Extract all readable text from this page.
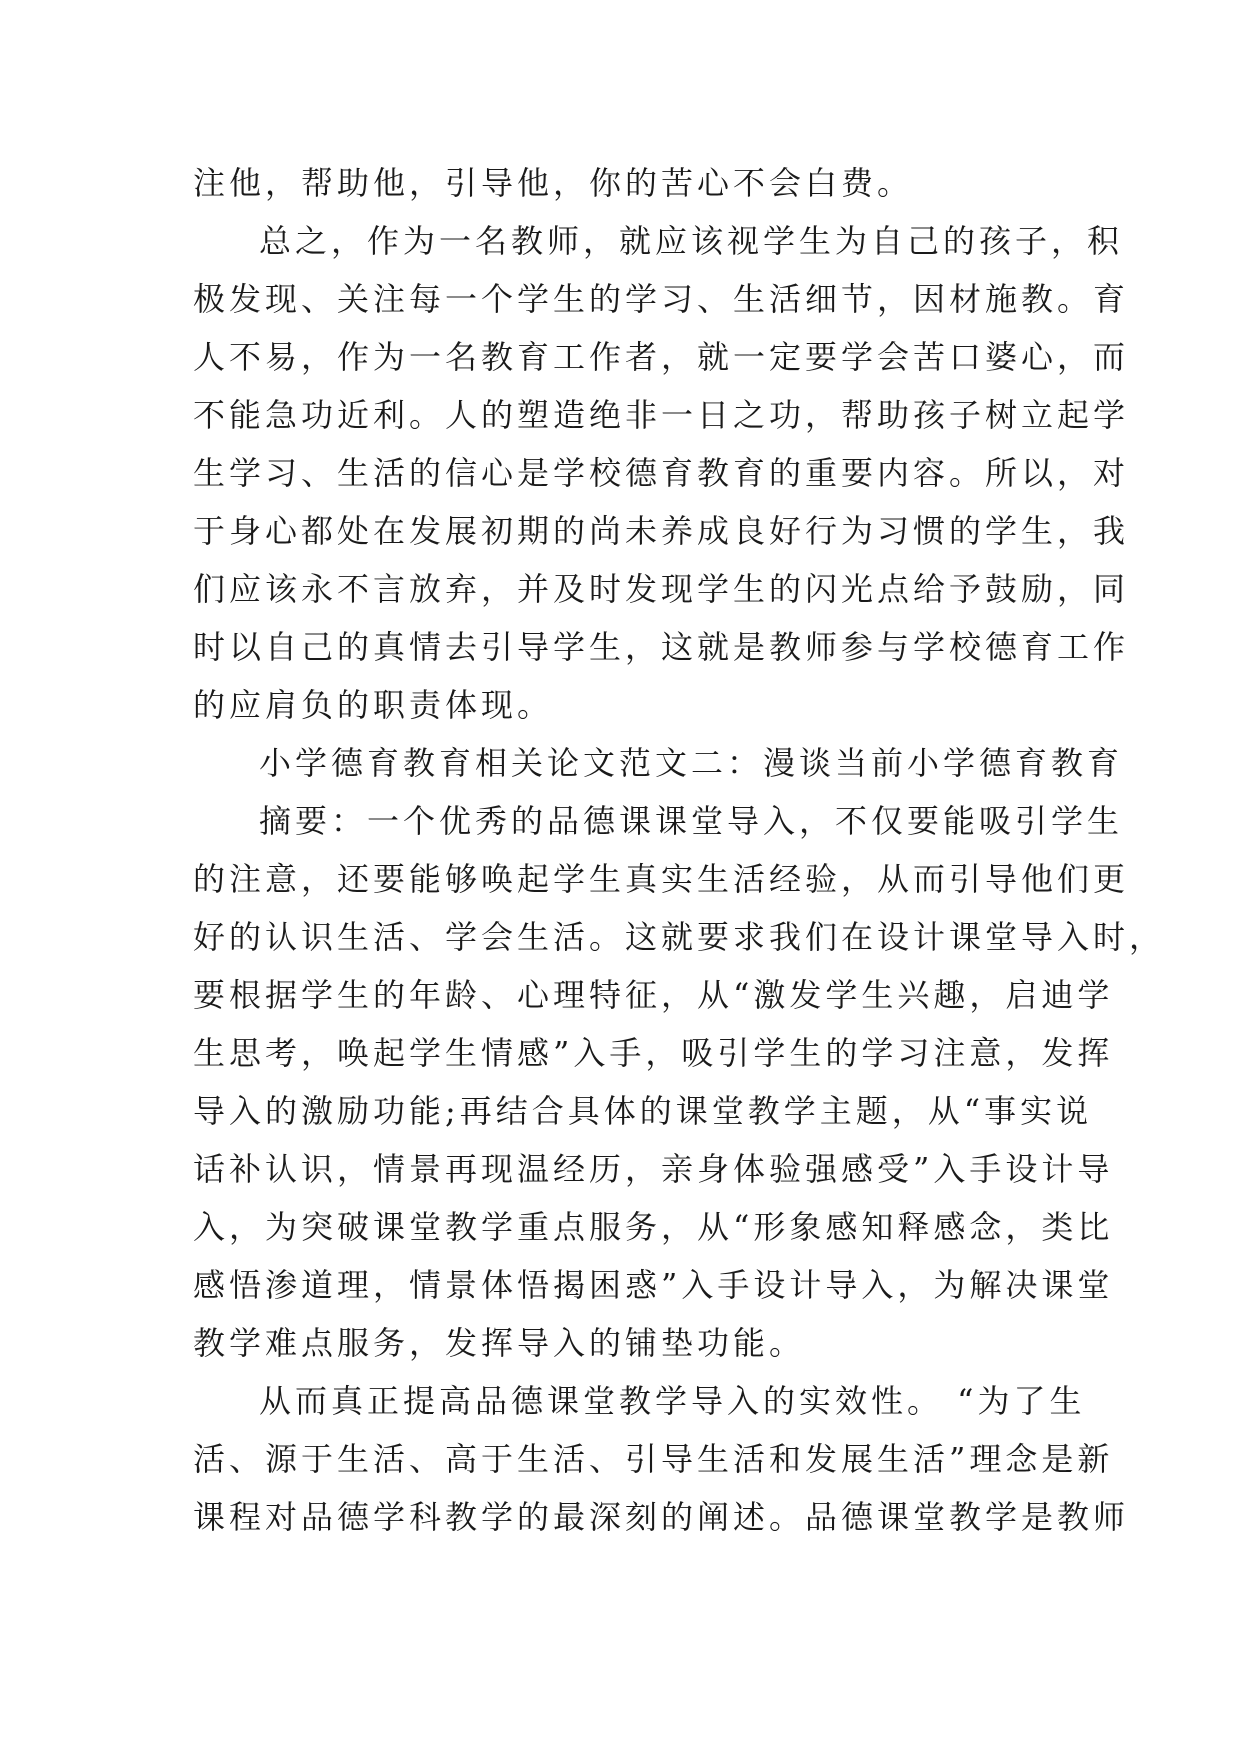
注他，帮助他，引导他，你的苦心不会白费。
总之，作为一名教师，就应该视学生为自己的孩子，积
极发现、关注每一个学生的学习、生活细节，因材施教。育
人不易，作为一名教育工作者，就一定要学会苦口婆心，而
不能急功近利。人的塑造绝非一日之功，帮助孩子树立起学
生学习、生活的信心是学校德育教育的重要内容。所以，对
于身心都处在发展初期的尚未养成良好行为习惯的学生，我
们应该永不言放弃，并及时发现学生的闪光点给予鼓励，同
时以自己的真情去引导学生，这就是教师参与学校德育工作
的应肩负的职责体现。
小学德育教育相关论文范文二：漫谈当前小学德育教育
摘要：一个优秀的品德课课堂导入，不仅要能吸引学生
的注意，还要能够唤起学生真实生活经验，从而引导他们更
好的认识生活、学会生活。这就要求我们在设计课堂导入时，
要根据学生的年龄、心理特征，从“激发学生兴趣，启迪学
生思考，唤起学生情感”入手，吸引学生的学习注意，发挥
导入的激励功能;再结合具体的课堂教学主题，从“事实说
话补认识，情景再现温经历，亲身体验强感受”入手设计导
入，为突破课堂教学重点服务，从“形象感知释感念，类比
感悟渗道理，情景体悟揭困惑”入手设计导入，为解决课堂
教学难点服务，发挥导入的铺垫功能。
从而真正提高品德课堂教学导入的实效性。 “为了生
活、源于生活、高于生活、引导生活和发展生活”理念是新
课程对品德学科教学的最深刻的阐述。品德课堂教学是教师
